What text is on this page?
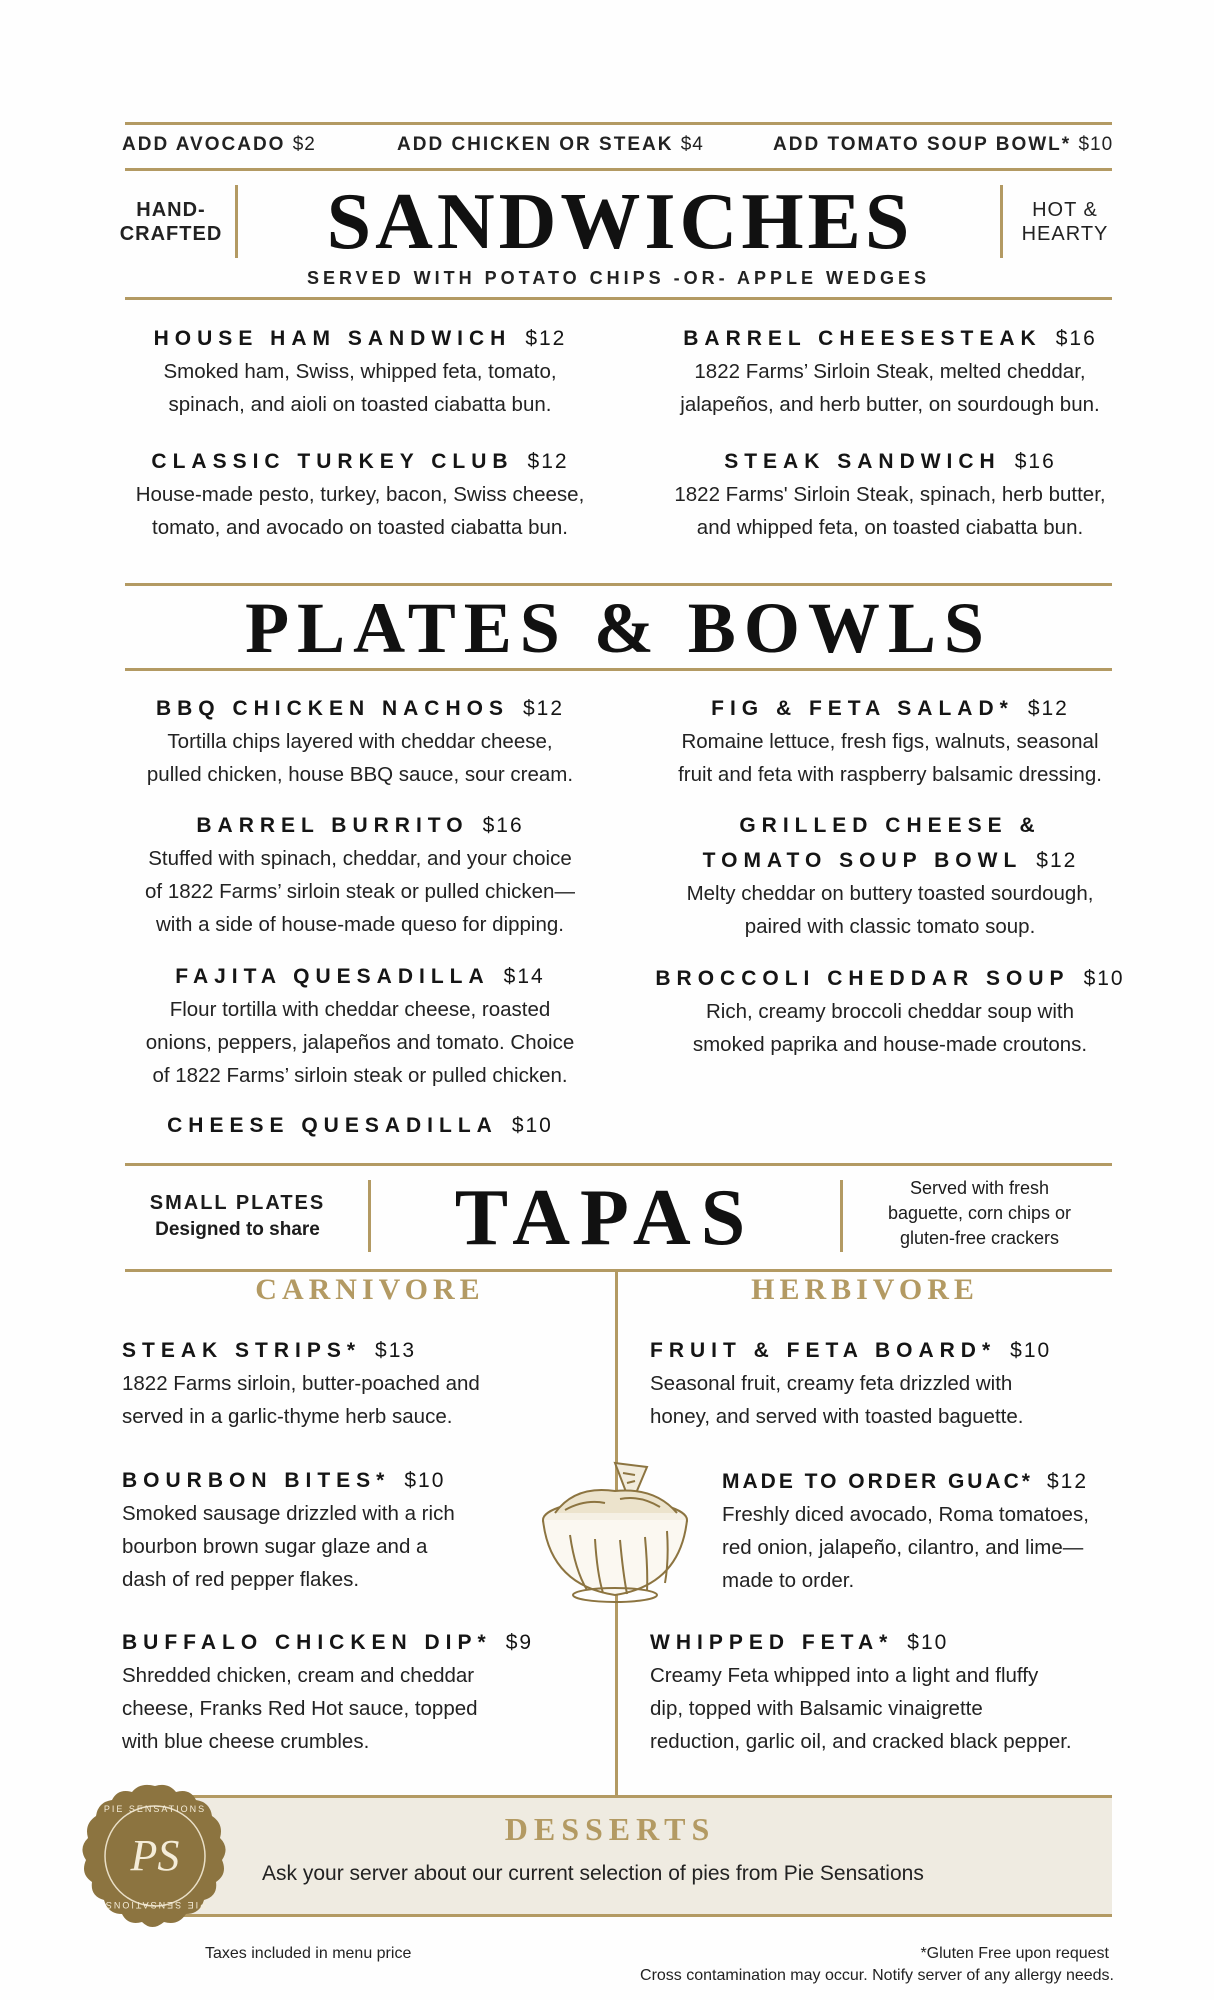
ADD AVOCADO $2	ADD CHICKEN OR STEAK $4	ADD TOMATO SOUP BOWL* $10
HAND-
CRAFTED	SANDWICHES	HOT &
HEARTY
SERVED WITH POTATO CHIPS -OR- APPLE WEDGES
HOUSE HAM SANDWICH $12
Smoked ham, Swiss, whipped feta, tomato,
spinach, and aioli on toasted ciabatta bun.
BARREL CHEESESTEAK $16
1822 Farms’ Sirloin Steak, melted cheddar,
jalapeños, and herb butter, on sourdough bun.
CLASSIC TURKEY CLUB $12
House-made pesto, turkey, bacon, Swiss cheese,
tomato, and avocado on toasted ciabatta bun.
STEAK SANDWICH $16
1822 Farms' Sirloin Steak, spinach, herb butter,
and whipped feta, on toasted ciabatta bun.
PLATES & BOWLS
BBQ CHICKEN NACHOS $12
Tortilla chips layered with cheddar cheese,
pulled chicken, house BBQ sauce, sour cream.
FIG & FETA SALAD* $12
Romaine lettuce, fresh figs, walnuts, seasonal
fruit and feta with raspberry balsamic dressing.
BARREL BURRITO $16
Stuffed with spinach, cheddar, and your choice
of 1822 Farms’ sirloin steak or pulled chicken—
with a side of house-made queso for dipping.
GRILLED CHEESE &
TOMATO SOUP BOWL $12
Melty cheddar on buttery toasted sourdough,
paired with classic tomato soup.
FAJITA QUESADILLA $14
Flour tortilla with cheddar cheese, roasted
onions, peppers, jalapeños and tomato. Choice
of 1822 Farms’ sirloin steak or pulled chicken.
BROCCOLI CHEDDAR SOUP $10
Rich, creamy broccoli cheddar soup with
smoked paprika and house-made croutons.
CHEESE QUESADILLA $10
SMALL PLATES
Designed to share	TAPAS	Served with fresh
baguette, corn chips or
gluten-free crackers
CARNIVORE	HERBIVORE
STEAK STRIPS* $13
1822 Farms sirloin, butter-poached and
served in a garlic-thyme herb sauce.
BOURBON BITES* $10
Smoked sausage drizzled with a rich
bourbon brown sugar glaze and a
dash of red pepper flakes.
BUFFALO CHICKEN DIP* $9
Shredded chicken, cream and cheddar
cheese, Franks Red Hot sauce, topped
with blue cheese crumbles.
FRUIT & FETA BOARD* $10
Seasonal fruit, creamy feta drizzled with
honey, and served with toasted baguette.
MADE TO ORDER GUAC* $12
Freshly diced avocado, Roma tomatoes,
red onion, jalapeño, cilantro, and lime—
made to order.
WHIPPED FETA* $10
Creamy Feta whipped into a light and fluffy
dip, topped with Balsamic vinaigrette
reduction, garlic oil, and cracked black pepper.
DESSERTS
Ask your server about our current selection of pies from Pie Sensations
PS
PIE SENSATIONS
PIE SENSATIONS
Taxes included in menu price	*Gluten Free upon request
Cross contamination may occur. Notify server of any allergy needs.
